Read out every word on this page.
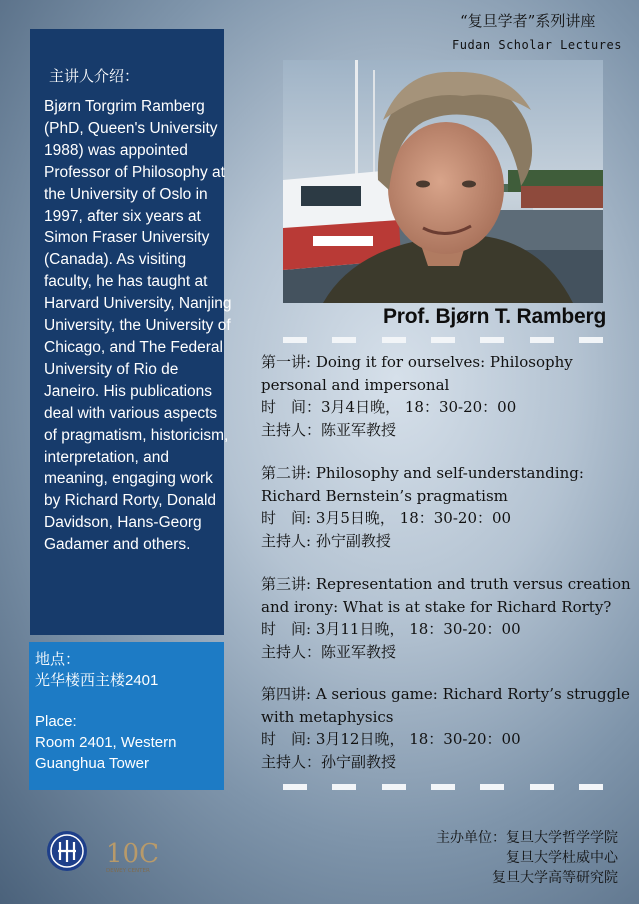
“复旦学者”系列讲座
Fudan Scholar Lectures
主讲人介绍：
Bjørn Torgrim Ramberg (PhD, Queen's University 1988) was appointed Professor of Philosophy at the University of Oslo in 1997, after six years at Simon Fraser University (Canada). As visiting faculty, he has taught at Harvard University, Nanjing University, the University of Chicago, and The Federal University of Rio de Janeiro. His publications deal with various aspects of pragmatism, historicism, interpretation, and meaning, engaging work by Richard Rorty, Donald Davidson, Hans-Georg Gadamer and others.
地点：
光华楼西主楼2401
Place:
Room 2401, Western
Guanghua Tower
Prof. Bjørn T. Ramberg
第一讲: Doing it for ourselves: Philosophy
personal and impersonal
时　间：3月4日晚， 18：30-20：00
主持人：陈亚军教授
第二讲: Philosophy and self-understanding:
Richard Bernstein’s pragmatism
时　间: 3月5日晚， 18：30-20：00
主持人: 孙宁副教授
第三讲: Representation and truth versus creation
and irony: What is at stake for Richard Rorty?
时　间: 3月11日晚， 18：30-20：00
主持人：陈亚军教授
第四讲: A serious game: Richard Rorty’s struggle
with metaphysics
时　间: 3月12日晚， 18：30-20：00
主持人：孙宁副教授
10C
DEWEY CENTER
主办单位：复旦大学哲学学院
复旦大学杜威中心
复旦大学高等研究院
